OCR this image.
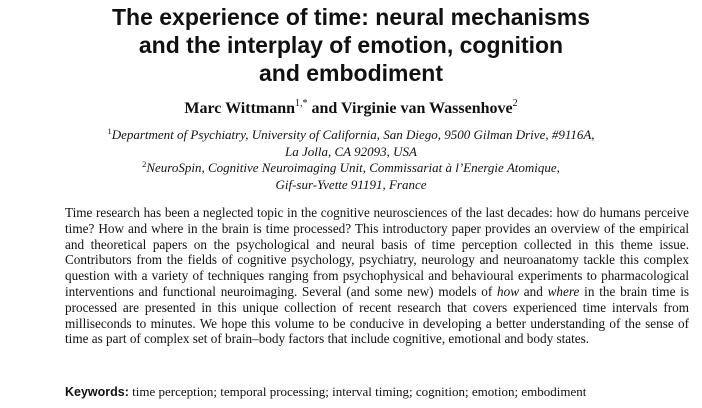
The experience of time: neural mechanisms
and the interplay of emotion, cognition
and embodiment
Marc Wittmann$^{1,*}$ and Virginie van Wassenhove$^2$
$^1$Department of Psychiatry, University of California, San Diego, 9500 Gilman Drive, #9116A,
La Jolla, CA 92093, USA
$^2$NeuroSpin, Cognitive Neuroimaging Unit, Commissariat à l’Energie Atomique,
Gif-sur-Yvette 91191, France

Time research has been a neglected topic in the cognitive neurosciences of the last decades: how do humans perceive time? How and where in the brain is time processed? This introductory paper provides an overview of the empirical and theoretical papers on the psychological and neural basis of time perception collected in this theme issue. Contributors from the fields of cognitive psychology, psychiatry, neurology and neuroanatomy tackle this complex question with a variety of techniques ranging from psychophysical and behavioural experiments to pharmacological interventions and functional neuroimaging. Several (and some new) models of how and where in the brain time is processed are presented in this unique collection of recent research that covers experienced time intervals from milliseconds to minutes. We hope this volume to be conducive in developing a better understanding of the sense of time as part of complex set of brain–body factors that include cognitive, emotional and body states.

Keywords: time perception; temporal processing; interval timing; cognition; emotion; embodiment
